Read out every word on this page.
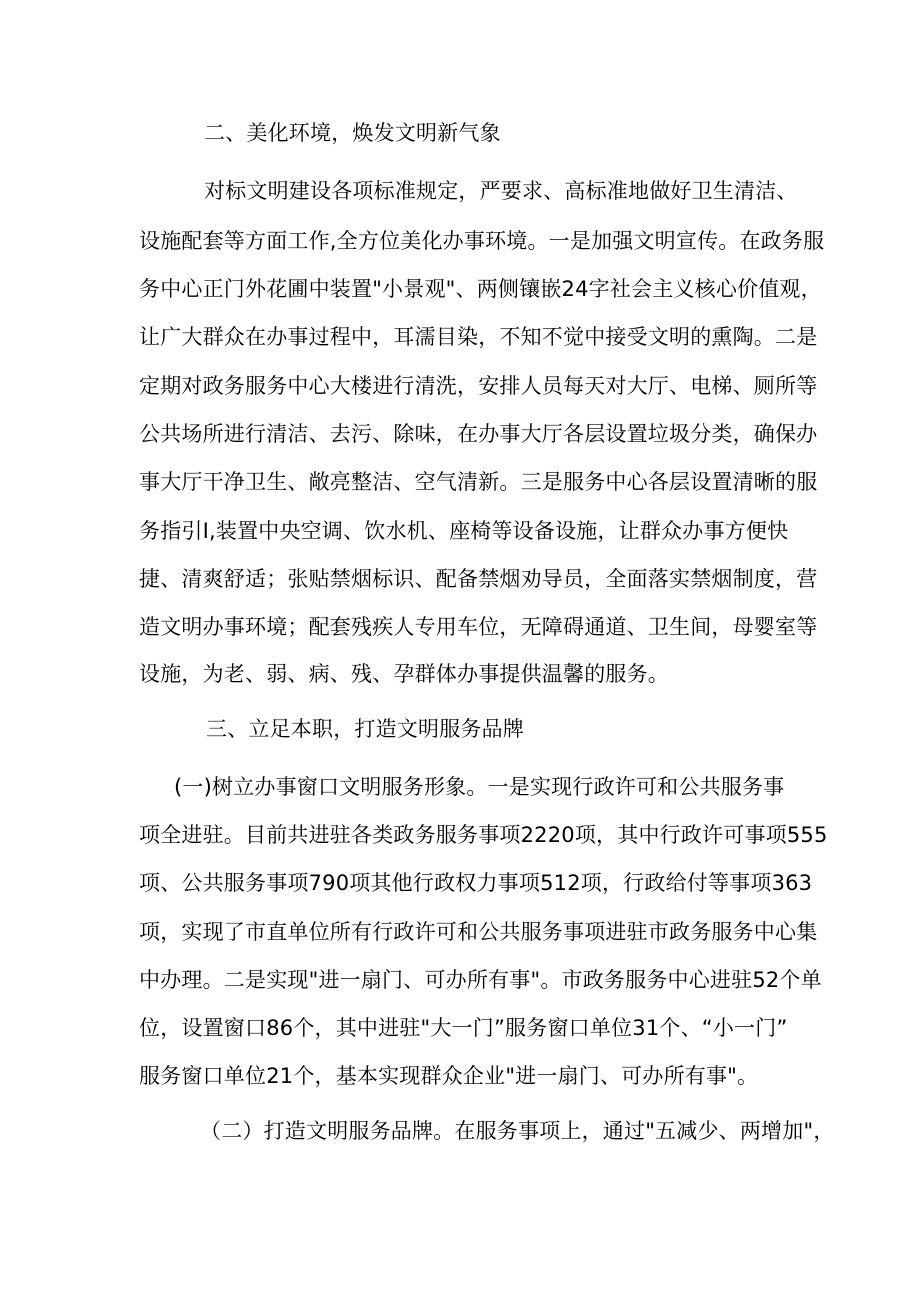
二、美化环境，焕发文明新气象
对标文明建设各项标准规定，严要求、高标准地做好卫生清洁、
设施配套等方面工作,全方位美化办事环境。一是加强文明宣传。在政务服
务中心正门外花圃中装置"小景观"、两侧镶嵌24字社会主义核心价值观，
让广大群众在办事过程中，耳濡目染，不知不觉中接受文明的熏陶。二是
定期对政务服务中心大楼进行清洗，安排人员每天对大厅、电梯、厕所等
公共场所进行清洁、去污、除味，在办事大厅各层设置垃圾分类，确保办
事大厅干净卫生、敞亮整洁、空气清新。三是服务中心各层设置清晰的服
务指引I,装置中央空调、饮水机、座椅等设备设施，让群众办事方便快
捷、清爽舒适；张贴禁烟标识、配备禁烟劝导员，全面落实禁烟制度，营
造文明办事环境；配套残疾人专用车位，无障碍通道、卫生间，母婴室等
设施，为老、弱、病、残、孕群体办事提供温馨的服务。
三、立足本职，打造文明服务品牌
(一)树立办事窗口文明服务形象。一是实现行政许可和公共服务事
项全进驻。目前共进驻各类政务服务事项2220项，其中行政许可事项555
项、公共服务事项790项其他行政权力事项512项，行政给付等事项363
项，实现了市直单位所有行政许可和公共服务事项进驻市政务服务中心集
中办理。二是实现"进一扇门、可办所有事"。市政务服务中心进驻52个单
位，设置窗口86个，其中进驻"大一门”服务窗口单位31个、“小一门”
服务窗口单位21个，基本实现群众企业"进一扇门、可办所有事"。
（二）打造文明服务品牌。在服务事项上，通过"五减少、两增加"，
